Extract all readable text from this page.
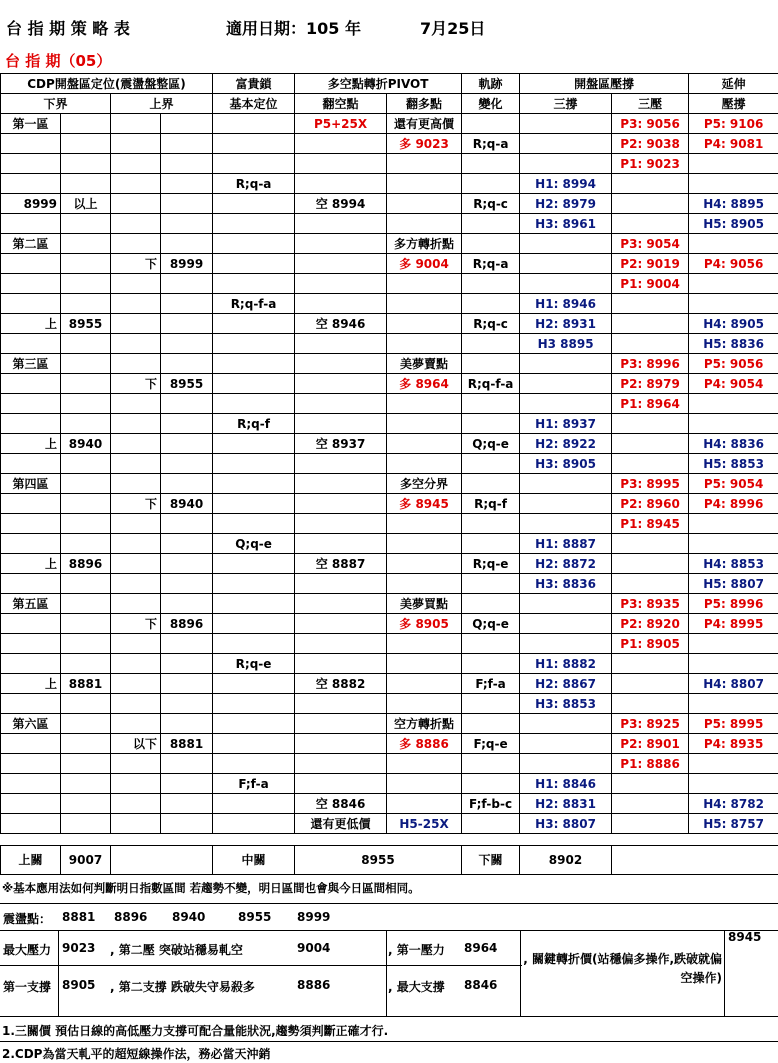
台 指 期 策 略 表	適用日期：105 年	7月25日
台 指 期（05）
CDP開盤區定位(震盪盤整區)				富貴鎖	多空點轉折PIVOT		軌跡	開盤區壓撐		延伸
下界		上界		基本定位	翻空點	翻多點	變化	三撐	三壓	壓撐
第一區					P5+25X	還有更高價			P3: 9056	P5: 9106
						多 9023	R;q-a		P2: 9038	P4: 9081
									P1: 9023	
				R;q-a				H1: 8994		
8999	以上				空 8994		R;q-c	H2: 8979		H4: 8895
								H3: 8961		H5: 8905
第二區						多方轉折點			P3: 9054	
		下	8999			多 9004	R;q-a		P2: 9019	P4: 9056
									P1: 9004	
				R;q-f-a				H1: 8946		
上	8955				空 8946		R;q-c	H2: 8931		H4: 8905
								H3 8895		H5: 8836
第三區						美夢賣點			P3: 8996	P5: 9056
		下	8955			多 8964	R;q-f-a		P2: 8979	P4: 9054
									P1: 8964	
				R;q-f				H1: 8937		
上	8940				空 8937		Q;q-e	H2: 8922		H4: 8836
								H3: 8905		H5: 8853
第四區						多空分界			P3: 8995	P5: 9054
		下	8940			多 8945	R;q-f		P2: 8960	P4: 8996
									P1: 8945	
				Q;q-e				H1: 8887		
上	8896				空 8887		R;q-e	H2: 8872		H4: 8853
								H3: 8836		H5: 8807
第五區						美夢買點			P3: 8935	P5: 8996
		下	8896			多 8905	Q;q-e		P2: 8920	P4: 8995
									P1: 8905	
				R;q-e				H1: 8882		
上	8881				空 8882		F;f-a	H2: 8867		H4: 8807
								H3: 8853		
第六區						空方轉折點			P3: 8925	P5: 8995
		以下	8881			多 8886	F;q-e		P2: 8901	P4: 8935
									P1: 8886	
				F;f-a				H1: 8846		
					空 8846		F;f-b-c	H2: 8831		H4: 8782
					還有更低價	H5-25X		H3: 8807		H5: 8757
上關	9007		中關	8955	下關	8902	
※基本應用法如何判斷明日指數區間 若趨勢不變，明日區間也會與今日區間相同。
震盪點： 8881 8896 8940	8955 8999
最大壓力 9023 , 第二壓 突破站穩易軋空	9004	, 第一壓力 8964
, 關鍵轉折價(站穩偏多操作,跌破就偏空操作)
8945
第一支撐 8905 , 第二支撐 跌破失守易殺多	8886	, 最大支撐 8846
1.三關價 預估日線的高低壓力支撐可配合量能狀況,趨勢須判斷正確才行.
2.CDP為當天軋平的超短線操作法，務必當天沖銷
